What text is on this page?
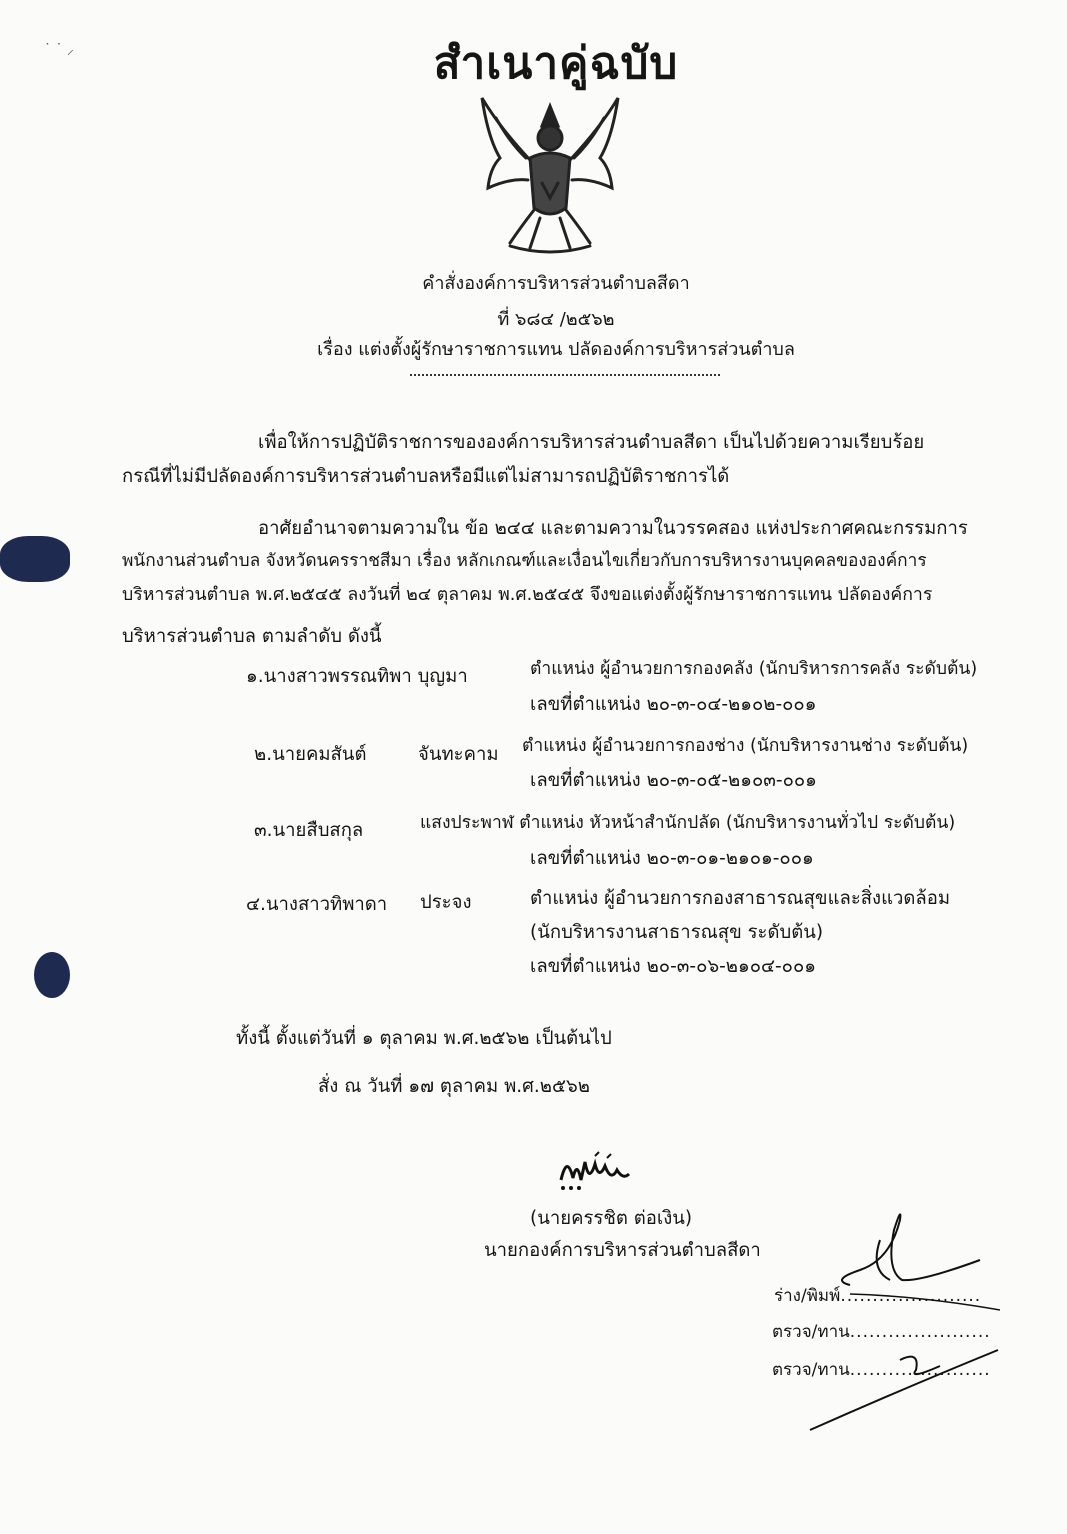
สำเนาคู่ฉบับ
คำสั่งองค์การบริหารส่วนตำบลสีดา
ที่ ๖๘๔ /๒๕๖๒
เรื่อง แต่งตั้งผู้รักษาราชการแทน ปลัดองค์การบริหารส่วนตำบล
เพื่อให้การปฏิบัติราชการขององค์การบริหารส่วนตำบลสีดา เป็นไปด้วยความเรียบร้อย
กรณีที่ไม่มีปลัดองค์การบริหารส่วนตำบลหรือมีแต่ไม่สามารถปฏิบัติราชการได้
อาศัยอำนาจตามความใน ข้อ ๒๔๔ และตามความในวรรคสอง แห่งประกาศคณะกรรมการ
พนักงานส่วนตำบล จังหวัดนครราชสีมา เรื่อง หลักเกณฑ์และเงื่อนไขเกี่ยวกับการบริหารงานบุคคลขององค์การ
บริหารส่วนตำบล พ.ศ.๒๕๔๕ ลงวันที่ ๒๔ ตุลาคม พ.ศ.๒๕๔๕ จึงขอแต่งตั้งผู้รักษาราชการแทน ปลัดองค์การ
บริหารส่วนตำบล ตามลำดับ ดังนี้
๑.นางสาวพรรณทิพา บุญมา	ตำแหน่ง ผู้อำนวยการกองคลัง (นักบริหารการคลัง ระดับต้น)
เลขที่ตำแหน่ง ๒๐-๓-๐๔-๒๑๐๒-๐๐๑
๒.นายคมสันต์	จันทะคาม ตำแหน่ง ผู้อำนวยการกองช่าง (นักบริหารงานช่าง ระดับต้น)
เลขที่ตำแหน่ง ๒๐-๓-๐๕-๒๑๐๓-๐๐๑
๓.นายสืบสกุล	แสงประพาฬ ตำแหน่ง หัวหน้าสำนักปลัด (นักบริหารงานทั่วไป ระดับต้น)
เลขที่ตำแหน่ง ๒๐-๓-๐๑-๒๑๐๑-๐๐๑
๔.นางสาวทิพาดา ประจง	ตำแหน่ง ผู้อำนวยการกองสาธารณสุขและสิ่งแวดล้อม
(นักบริหารงานสาธารณสุข ระดับต้น)
เลขที่ตำแหน่ง ๒๐-๓-๐๖-๒๑๐๔-๐๐๑
ทั้งนี้ ตั้งแต่วันที่ ๑ ตุลาคม พ.ศ.๒๕๖๒ เป็นต้นไป
สั่ง ณ วันที่ ๑๗ ตุลาคม พ.ศ.๒๕๖๒
(นายครรชิต ต่อเงิน)
นายกองค์การบริหารส่วนตำบลสีดา
ร่าง/พิมพ์......................
ตรวจ/ทาน......................
ตรวจ/ทาน......................
˙ ˙ ⸝
